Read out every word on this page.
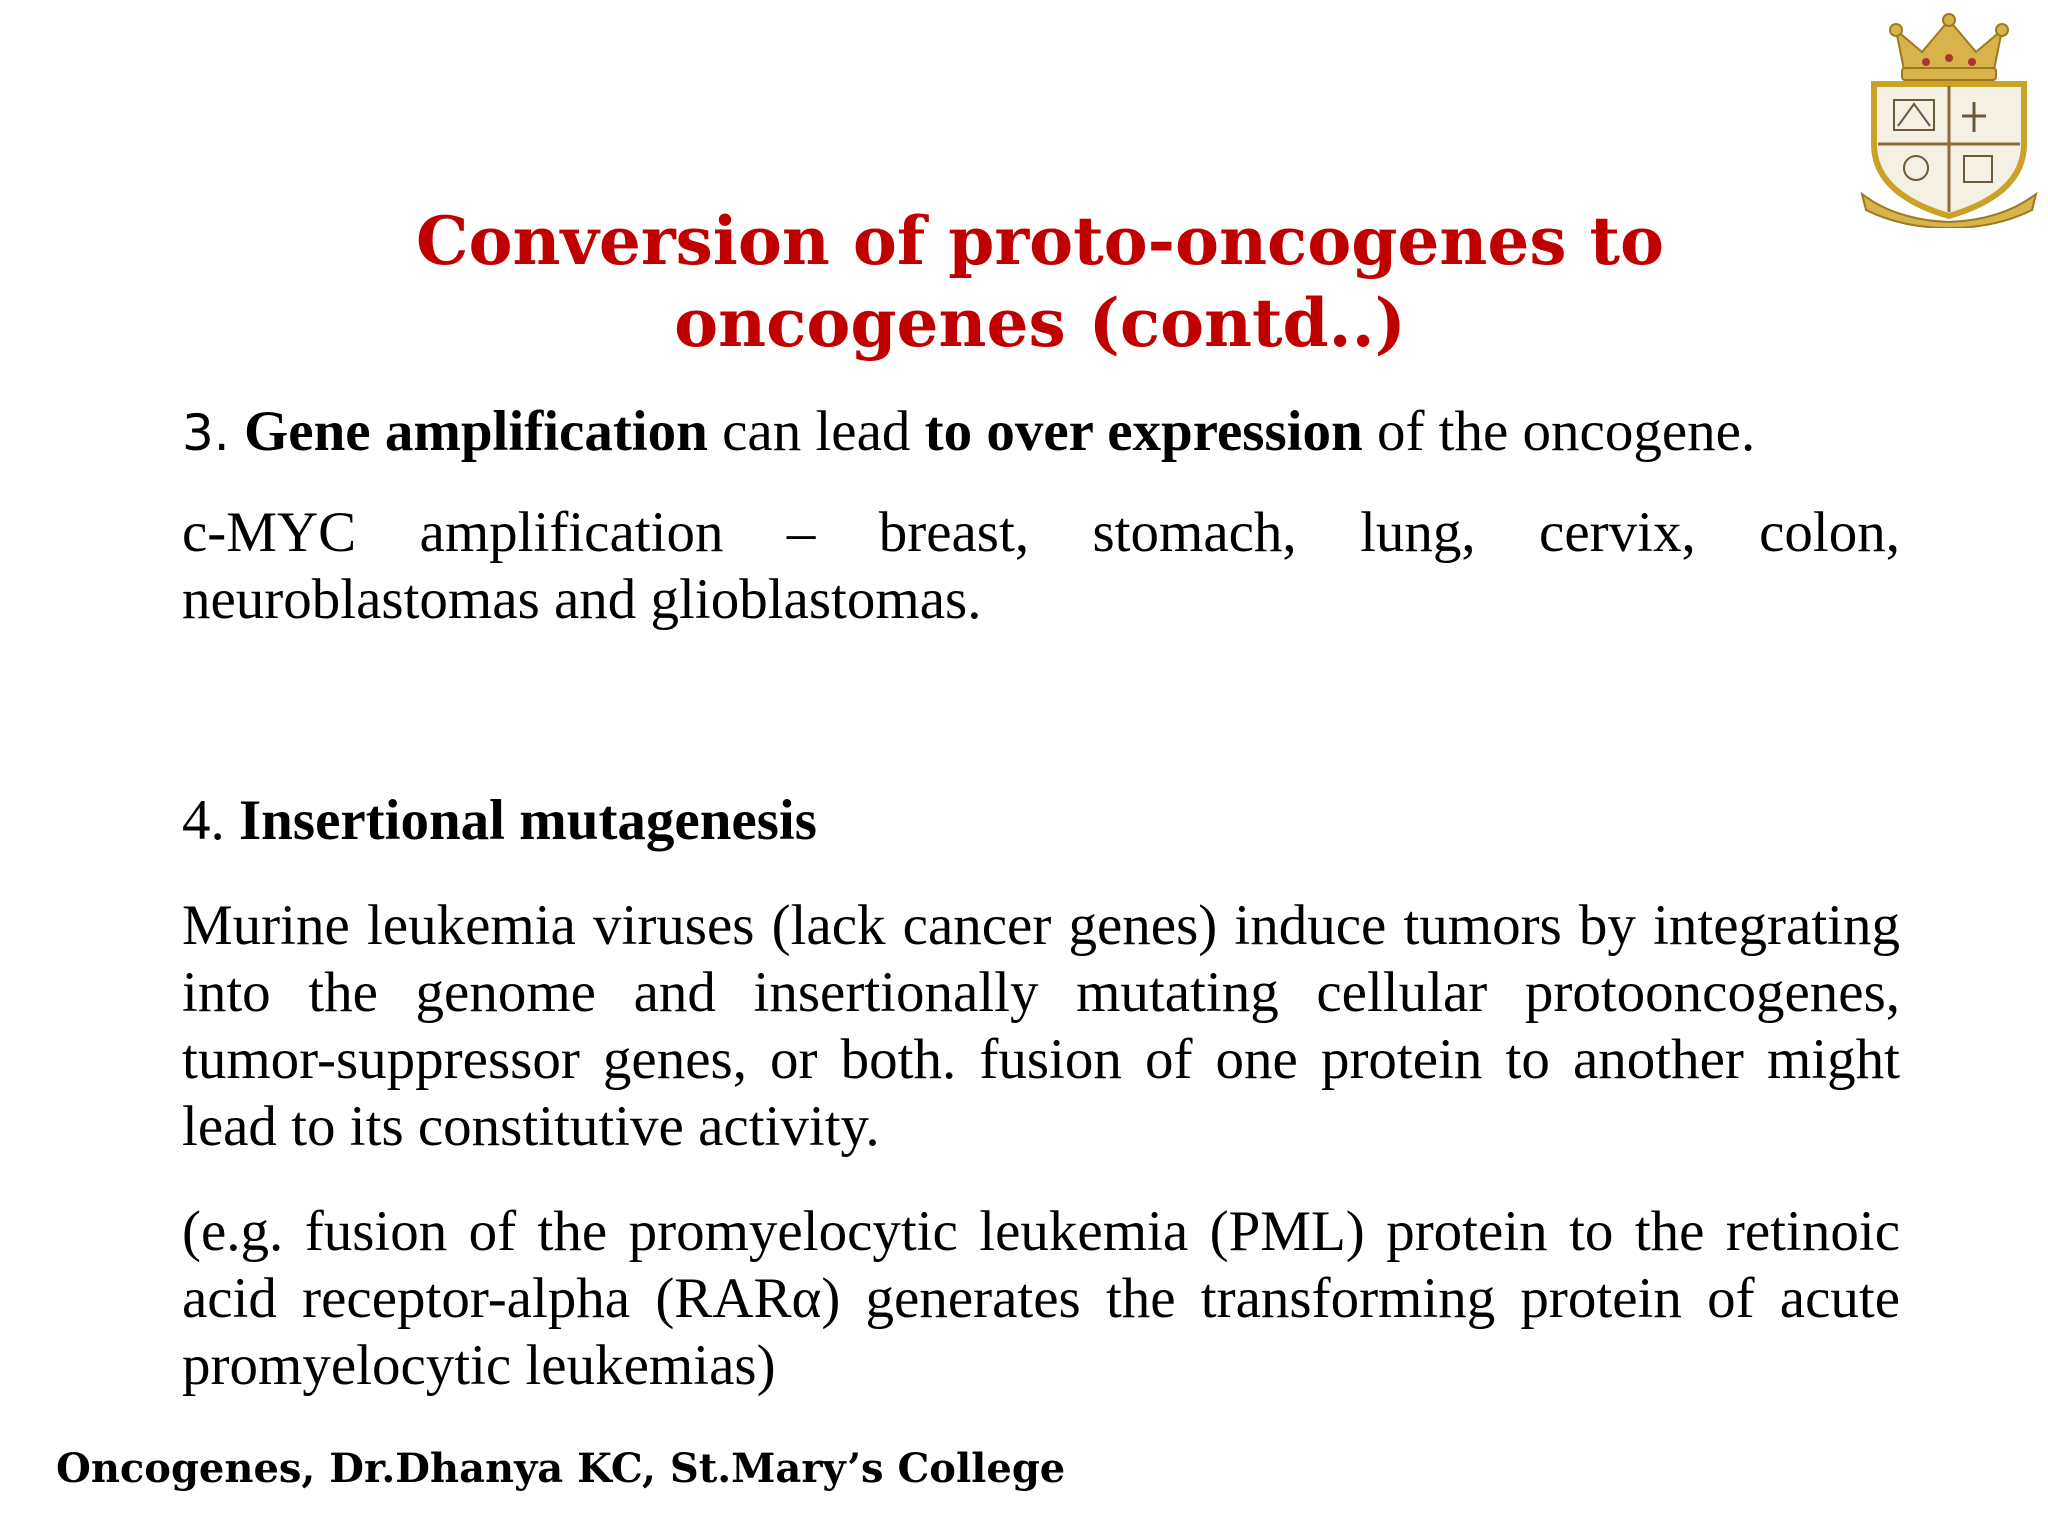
Conversion of proto-oncogenes to
oncogenes (contd..)

3. Gene amplification can lead to over expression of the oncogene.

c-MYC amplification – breast, stomach, lung, cervix, colon, neuroblastomas and glioblastomas.

4. Insertional mutagenesis

Murine leukemia viruses (lack cancer genes) induce tumors by integrating into the genome and insertionally mutating cellular protooncogenes, tumor-suppressor genes, or both. fusion of one protein to another might lead to its constitutive activity.

(e.g. fusion of the promyelocytic leukemia (PML) protein to the retinoic acid receptor-alpha (RARα) generates the transforming protein of acute promyelocytic leukemias)

Oncogenes, Dr.Dhanya KC, St.Mary’s College
